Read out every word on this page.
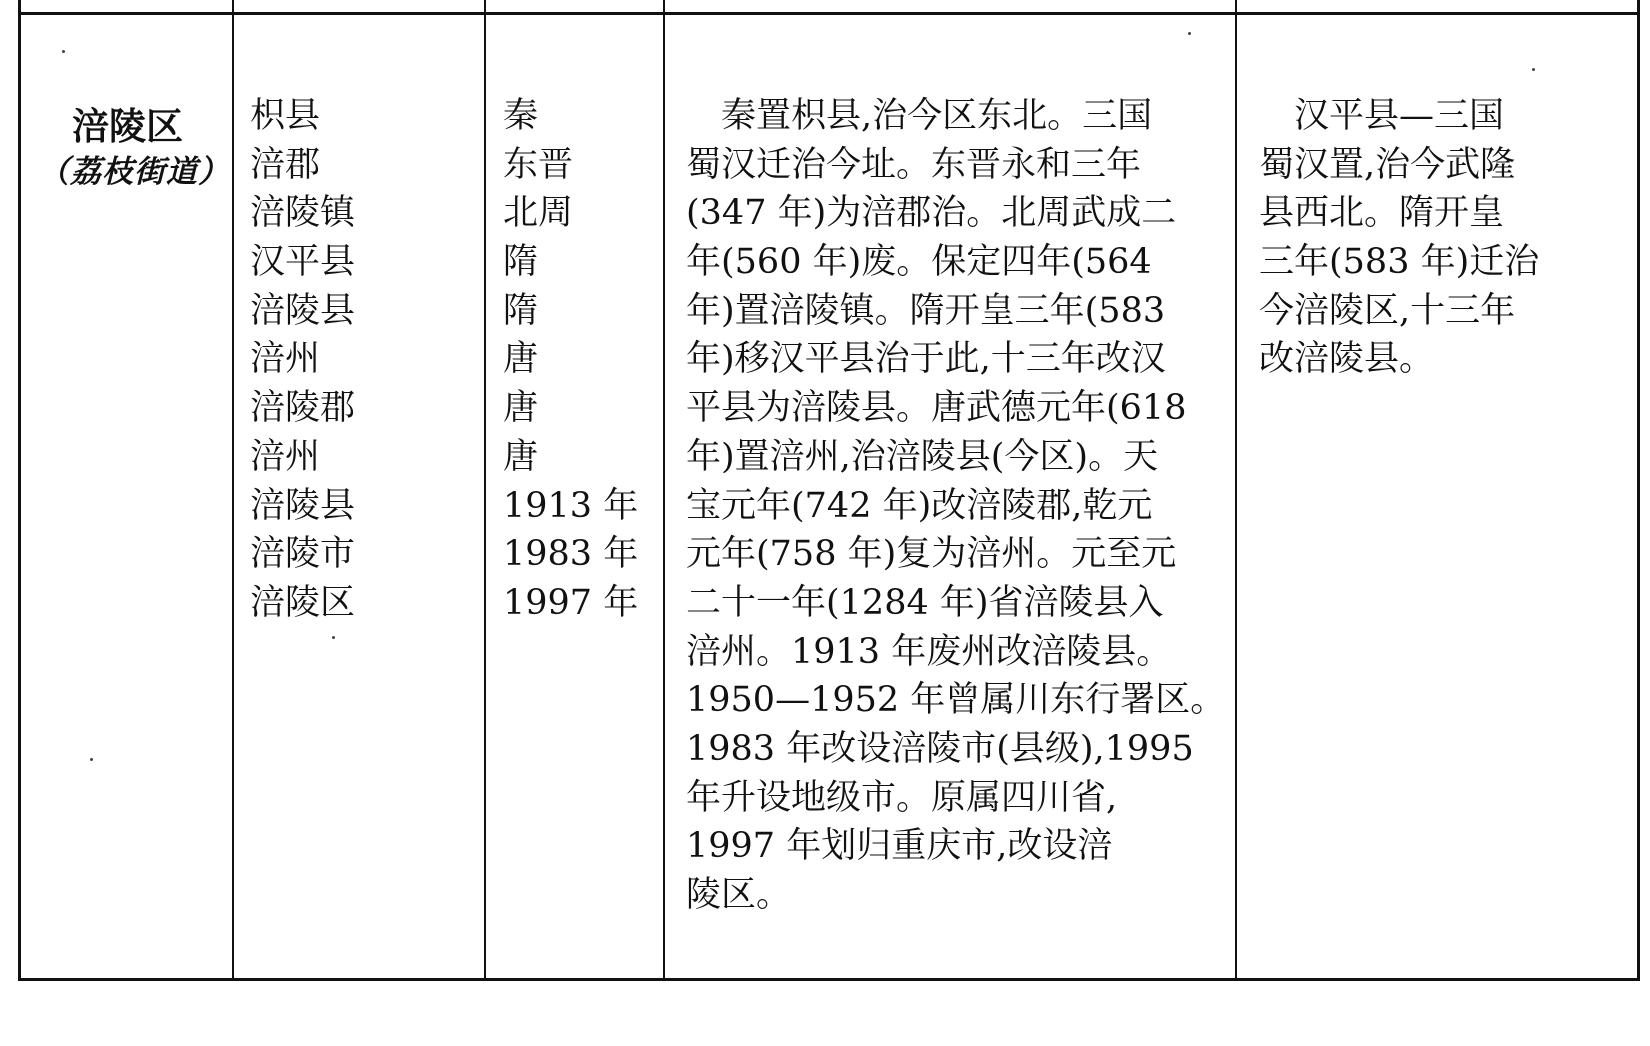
涪陵区
（荔枝街道）
枳县
涪郡
涪陵镇
汉平县
涪陵县
涪州
涪陵郡
涪州
涪陵县
涪陵市
涪陵区
秦
东晋
北周
隋
隋
唐
唐
唐
1913 年
1983 年
1997 年
　秦置枳县,治今区东北。三国
蜀汉迁治今址。东晋永和三年
(347 年)为涪郡治。北周武成二
年(560 年)废。保定四年(564
年)置涪陵镇。隋开皇三年(583
年)移汉平县治于此,十三年改汉
平县为涪陵县。唐武德元年(618
年)置涪州,治涪陵县(今区)。天
宝元年(742 年)改涪陵郡,乾元
元年(758 年)复为涪州。元至元
二十一年(1284 年)省涪陵县入
涪州。1913 年废州改涪陵县。
1950—1952 年曾属川东行署区。
1983 年改设涪陵市(县级),1995
年升设地级市。原属四川省,
1997 年划归重庆市,改设涪
陵区。
　汉平县—三国
蜀汉置,治今武隆
县西北。隋开皇
三年(583 年)迁治
今涪陵区,十三年
改涪陵县。
